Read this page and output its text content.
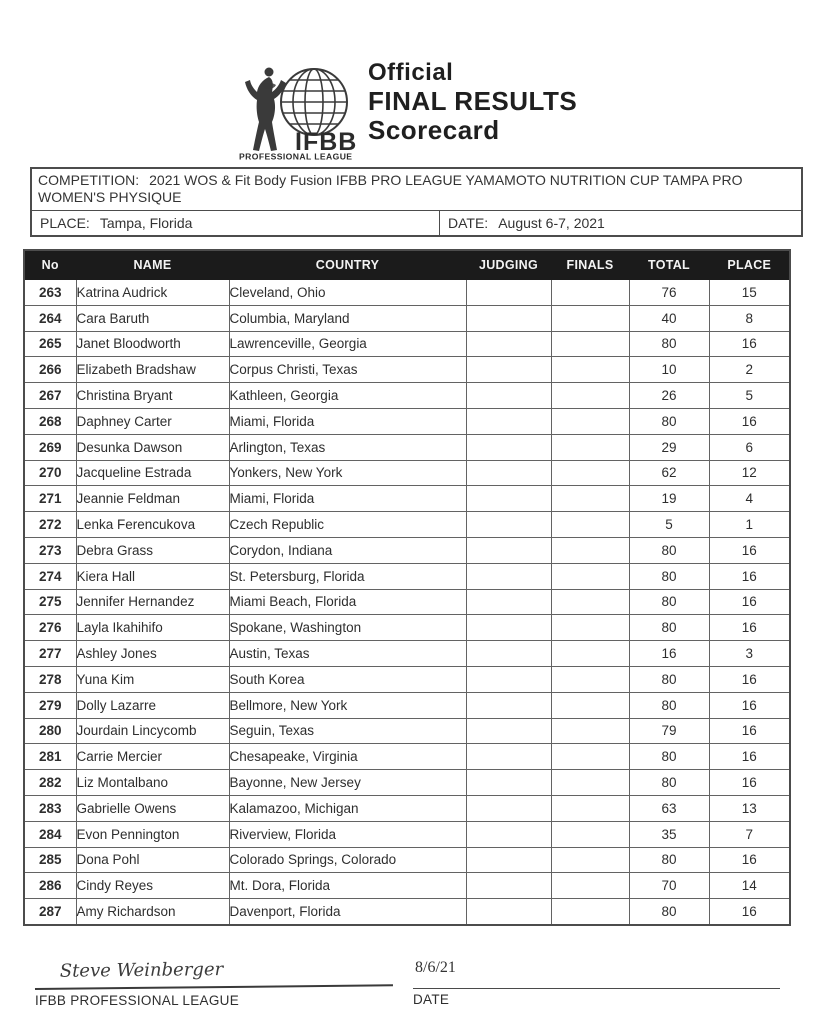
IFBB
PROFESSIONAL LEAGUE
Official
FINAL RESULTS
Scorecard
COMPETITION: 2021 WOS & Fit Body Fusion IFBB PRO LEAGUE YAMAMOTO NUTRITION CUP TAMPA PRO WOMEN'S PHYSIQUE
PLACE: Tampa, Florida	DATE: August 6-7, 2021
No	NAME	COUNTRY	JUDGING	FINALS	TOTAL	PLACE
263	Katrina Audrick	Cleveland, Ohio			76	15
264	Cara Baruth	Columbia, Maryland			40	8
265	Janet Bloodworth	Lawrenceville, Georgia			80	16
266	Elizabeth Bradshaw	Corpus Christi, Texas			10	2
267	Christina Bryant	Kathleen, Georgia			26	5
268	Daphney Carter	Miami, Florida			80	16
269	Desunka Dawson	Arlington, Texas			29	6
270	Jacqueline Estrada	Yonkers, New York			62	12
271	Jeannie Feldman	Miami, Florida			19	4
272	Lenka Ferencukova	Czech Republic			5	1
273	Debra Grass	Corydon, Indiana			80	16
274	Kiera Hall	St. Petersburg, Florida			80	16
275	Jennifer Hernandez	Miami Beach, Florida			80	16
276	Layla Ikahihifo	Spokane, Washington			80	16
277	Ashley Jones	Austin, Texas			16	3
278	Yuna Kim	South Korea			80	16
279	Dolly Lazarre	Bellmore, New York			80	16
280	Jourdain Lincycomb	Seguin, Texas			79	16
281	Carrie Mercier	Chesapeake, Virginia			80	16
282	Liz Montalbano	Bayonne, New Jersey			80	16
283	Gabrielle Owens	Kalamazoo, Michigan			63	13
284	Evon Pennington	Riverview, Florida			35	7
285	Dona Pohl	Colorado Springs, Colorado			80	16
286	Cindy Reyes	Mt. Dora, Florida			70	14
287	Amy Richardson	Davenport, Florida			80	16
Steve Weinberger
IFBB PROFESSIONAL LEAGUE
8/6/21
DATE
